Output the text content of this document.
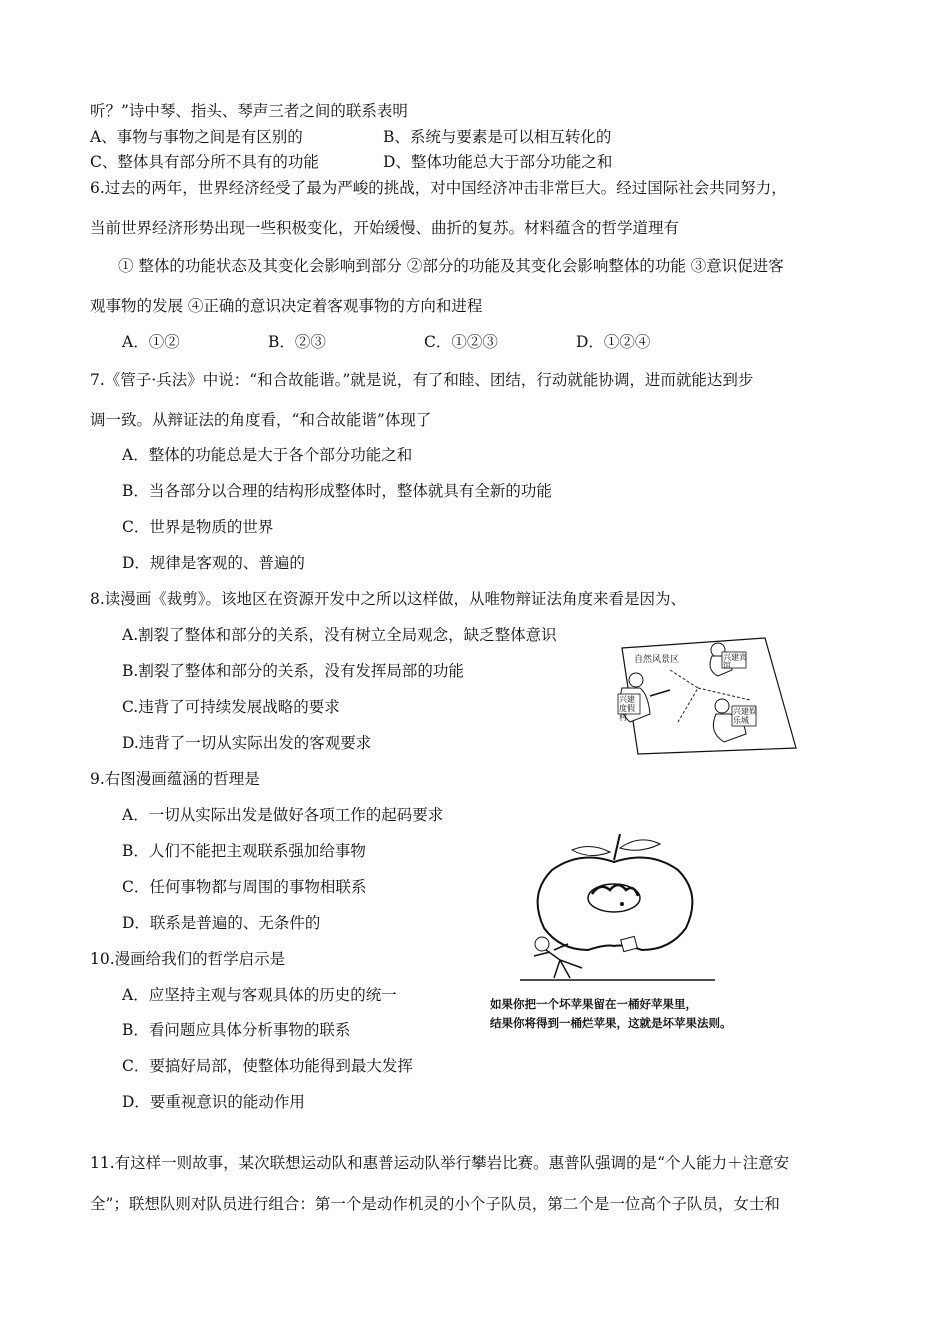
听？”诗中琴、指头、琴声三者之间的联系表明
A、事物与事物之间是有区别的	B、系统与要素是可以相互转化的
C、整体具有部分所不具有的功能	D、整体功能总大于部分功能之和
6.过去的两年，世界经济经受了最为严峻的挑战，对中国经济冲击非常巨大。经过国际社会共同努力，
当前世界经济形势出现一些积极变化，开始缓慢、曲折的复苏。材料蕴含的哲学道理有
① 整体的功能状态及其变化会影响到部分 ②部分的功能及其变化会影响整体的功能 ③意识促进客
观事物的发展 ④正确的意识决定着客观事物的方向和进程
A．①②	B．②③	C．①②③	D．①②④
7.《管子·兵法》中说：“和合故能谐。”就是说，有了和睦、团结，行动就能协调，进而就能达到步
调一致。从辩证法的角度看，“和合故能谐”体现了
A．整体的功能总是大于各个部分功能之和
B．当各部分以合理的结构形成整体时，整体就具有全新的功能
C．世界是物质的世界
D．规律是客观的、普遍的
8.读漫画《裁剪》。该地区在资源开发中之所以这样做，从唯物辩证法角度来看是因为、
A.割裂了整体和部分的关系，没有树立全局观念，缺乏整体意识
B.割裂了整体和部分的关系，没有发挥局部的功能
C.违背了可持续发展战略的要求
D.违背了一切从实际出发的客观要求
自然风景区	兴建宾馆
兴建度假村
兴建娱乐城
9.右图漫画蕴涵的哲理是
A．一切从实际出发是做好各项工作的起码要求
B．人们不能把主观联系强加给事物
C．任何事物都与周围的事物相联系
D．联系是普遍的、无条件的
如果你把一个坏苹果留在一桶好苹果里，
结果你将得到一桶烂苹果，这就是坏苹果法则。
10.漫画给我们的哲学启示是
A．应坚持主观与客观具体的历史的统一
B．看问题应具体分析事物的联系
C．要搞好局部，使整体功能得到最大发挥
D．要重视意识的能动作用
11.有这样一则故事，某次联想运动队和惠普运动队举行攀岩比赛。惠普队强调的是“个人能力＋注意安
全”；联想队则对队员进行组合：第一个是动作机灵的小个子队员，第二个是一位高个子队员，女士和
